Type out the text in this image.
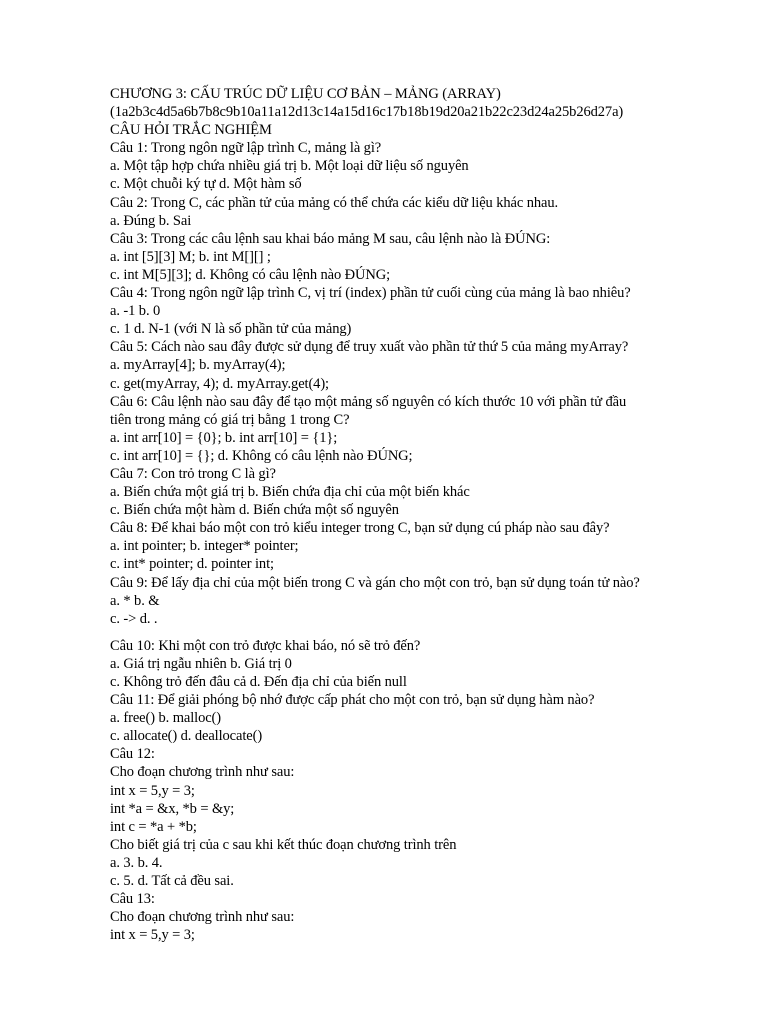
CHƯƠNG 3: CẤU TRÚC DỮ LIỆU CƠ BẢN – MẢNG (ARRAY)
(1a2b3c4d5a6b7b8c9b10a11a12d13c14a15d16c17b18b19d20a21b22c23d24a25b26d27a)
CÂU HỎI TRẮC NGHIỆM
Câu 1: Trong ngôn ngữ lập trình C, mảng là gì?
a. Một tập hợp chứa nhiều giá trị b. Một loại dữ liệu số nguyên
c. Một chuỗi ký tự d. Một hàm số
Câu 2: Trong C, các phần tử của mảng có thể chứa các kiểu dữ liệu khác nhau.
a. Đúng b. Sai
Câu 3: Trong các câu lệnh sau khai báo mảng M sau, câu lệnh nào là ĐÚNG:
a. int [5][3] M; b. int M[][] ;
c. int M[5][3]; d. Không có câu lệnh nào ĐÚNG;
Câu 4: Trong ngôn ngữ lập trình C, vị trí (index) phần tử cuối cùng của mảng là bao nhiêu?
a. -1 b. 0
c. 1 d. N-1 (với N là số phần tử của mảng)
Câu 5: Cách nào sau đây được sử dụng để truy xuất vào phần tử thứ 5 của mảng myArray?
a. myArray[4]; b. myArray(4);
c. get(myArray, 4); d. myArray.get(4);
Câu 6: Câu lệnh nào sau đây để tạo một mảng số nguyên có kích thước 10 với phần tử đầu
tiên trong mảng có giá trị bằng 1 trong C?
a. int arr[10] = {0}; b. int arr[10] = {1};
c. int arr[10] = {}; d. Không có câu lệnh nào ĐÚNG;
Câu 7: Con trỏ trong C là gì?
a. Biến chứa một giá trị b. Biến chứa địa chỉ của một biến khác
c. Biến chứa một hàm d. Biến chứa một số nguyên
Câu 8: Để khai báo một con trỏ kiểu integer trong C, bạn sử dụng cú pháp nào sau đây?
a. int pointer; b. integer* pointer;
c. int* pointer; d. pointer int;
Câu 9: Để lấy địa chỉ của một biến trong C và gán cho một con trỏ, bạn sử dụng toán tử nào?
a. * b. &
c. -> d. .
Câu 10: Khi một con trỏ được khai báo, nó sẽ trỏ đến?
a. Giá trị ngẫu nhiên b. Giá trị 0
c. Không trỏ đến đâu cả d. Đến địa chỉ của biến null
Câu 11: Để giải phóng bộ nhớ được cấp phát cho một con trỏ, bạn sử dụng hàm nào?
a. free() b. malloc()
c. allocate() d. deallocate()
Câu 12:
Cho đoạn chương trình như sau:
int x = 5,y = 3;
int *a = &x, *b = &y;
int c = *a + *b;
Cho biết giá trị của c sau khi kết thúc đoạn chương trình trên
a. 3. b. 4.
c. 5. d. Tất cả đều sai.
Câu 13:
Cho đoạn chương trình như sau:
int x = 5,y = 3;
